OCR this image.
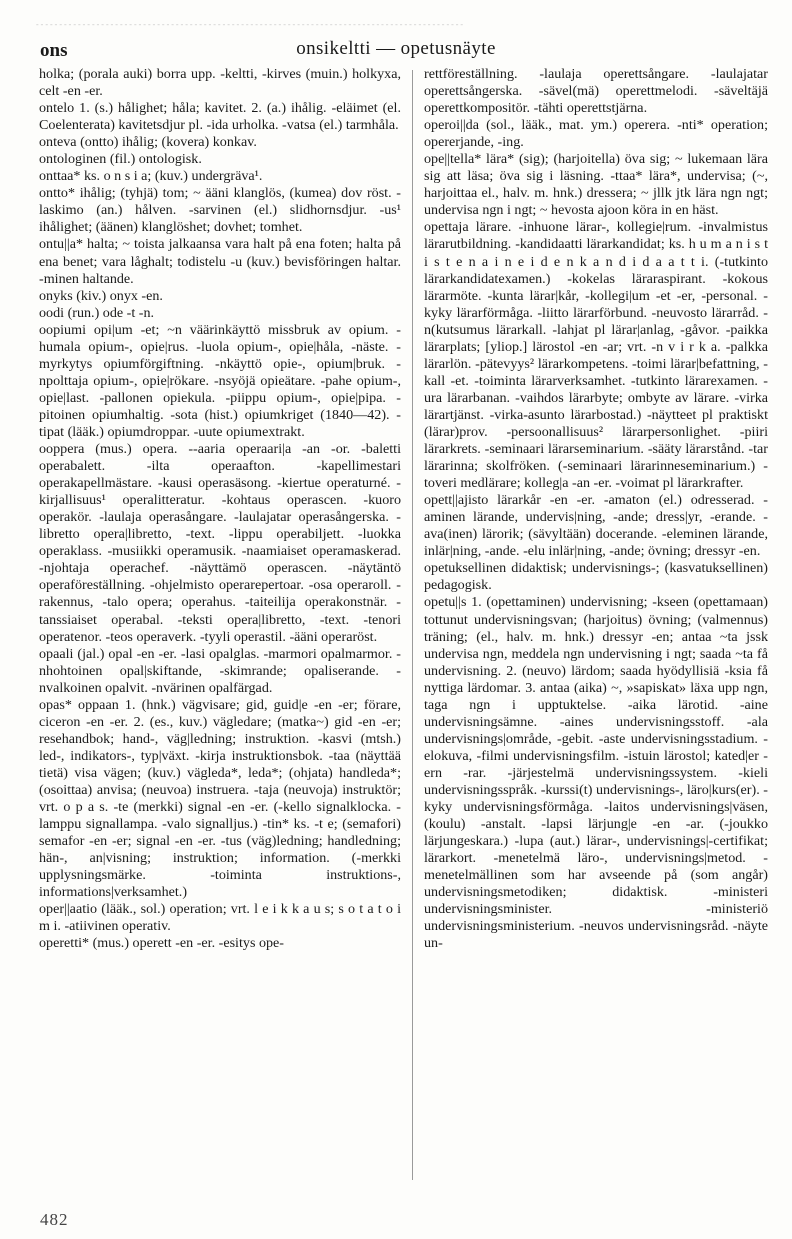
- - - - - - - - - - - - - - - - - - - - - - - - - - - - - - - - - - - - - - - - - - - - - - - - - - - - - - - - - - - - - - - - - - - - - - - - - - - - - - - - - - - - - - - - - - - -
ons	onsikeltti — opetusnäyte

holka; (porala auki) borra upp. -keltti, -kirves (muin.) holkyxa, celt -en -er.

ontelo 1. (s.) hålighet; håla; kavitet. 2. (a.) ihålig. -eläimet (el. Coelenterata) kavitetsdjur pl. -ida urholka. -vatsa (el.) tarmhåla.

onteva (ontto) ihålig; (kovera) konkav.

ontologinen (fil.) ontologisk.

onttaa* ks. o n s i a; (kuv.) undergräva¹.

ontto* ihålig; (tyhjä) tom; ~ ääni klanglös, (kumea) dov röst. -laskimo (an.) hålven. -sarvinen (el.) slidhornsdjur. -us¹ ihålighet; (äänen) klanglöshet; dovhet; tomhet.

ontu||a* halta; ~ toista jalkaansa vara halt på ena foten; halta på ena benet; vara låghalt; todistelu -u (kuv.) bevisföringen haltar. -minen haltande.

onyks (kiv.) onyx -en.

oodi (run.) ode -t -n.

oopiumi opi|um -et; ~n väärinkäyttö missbruk av opium. -humala opium-, opie|rus. -luola opium-, opie|håla, -näste. -myrkytys opiumförgiftning. -nkäyttö opie-, opium|bruk. -npolttaja opium-, opie|rökare. -nsyöjä opieätare. -pahe opium-, opie|last. -pallonen opiekula. -piippu opium-, opie|pipa. -pitoinen opiumhaltig. -sota (hist.) opiumkriget (1840—42). -tipat (lääk.) opiumdroppar. -uute opiumextrakt.

ooppera (mus.) opera. --aaria operaari|a -an -or. -baletti operabalett. -ilta operaafton. -kapellimestari operakapellmästare. -kausi operasäsong. -kiertue operaturné. -kirjallisuus¹ operalitteratur. -kohtaus operascen. -kuoro operakör. -laulaja operasångare. -laulajatar operasångerska. -libretto opera|libretto, -text. -lippu operabiljett. -luokka operaklass. -musiikki operamusik. -naamiaiset operamaskerad. -njohtaja operachef. -näyttämö operascen. -näytäntö operaföreställning. -ohjelmisto operarepertoar. -osa operaroll. -rakennus, -talo opera; operahus. -taiteilija operakonstnär. -tanssiaiset operabal. -teksti opera|libretto, -text. -tenori operatenor. -teos operaverk. -tyyli operastil. -ääni operaröst.

opaali (jal.) opal -en -er. -lasi opalglas. -marmori opalmarmor. -nhohtoinen opal|skiftande, -skimrande; opaliserande. -nvalkoinen opalvit. -nvärinen opalfärgad.

opas* oppaan 1. (hnk.) vägvisare; gid, guid|e -en -er; förare, ciceron -en -er. 2. (es., kuv.) vägledare; (matka~) gid -en -er; resehandbok; hand-, väg|ledning; instruktion. -kasvi (mtsh.) led-, indikators-, typ|växt. -kirja instruktionsbok. -taa (näyttää tietä) visa vägen; (kuv.) vägleda*, leda*; (ohjata) handleda*; (osoittaa) anvisa; (neuvoa) instruera. -taja (neuvoja) instruktör; vrt. o p a s. -te (merkki) signal -en -er. (-kello signalklocka. -lamppu signallampa. -valo signalljus.) -tin* ks. -t e; (semafori) semafor -en -er; signal -en -er. -tus (väg)ledning; handledning; hän-, an|visning; instruktion; information. (-merkki upplysningsmärke. -toiminta instruktions-, informations|verksamhet.)

oper||aatio (lääk., sol.) operation; vrt. l e i k k a u s; s o t a t o i m i. -atiivinen operativ.

operetti* (mus.) operett -en -er. -esitys ope-

rettföreställning. -laulaja operettsångare. -laulajatar operettsångerska. -sävel(mä) operettmelodi. -säveltäjä operettkompositör. -tähti operettstjärna.

operoi||da (sol., lääk., mat. ym.) operera. -nti* operation; opererjande, -ing.

ope||tella* lära* (sig); (harjoitella) öva sig; ~ lukemaan lära sig att läsa; öva sig i läsning. -ttaa* lära*, undervisa; (~, harjoittaa el., halv. m. hnk.) dressera; ~ jllk jtk lära ngn ngt; undervisa ngn i ngt; ~ hevosta ajoon köra in en häst.

opettaja lärare. -inhuone lärar-, kollegie|rum. -invalmistus lärarutbildning. -kandidaatti lärarkandidat; ks. h u m a n i s t i s t e n a i n e i d e n k a n d i d a a t t i. (-tutkinto lärarkandidatexamen.) -kokelas läraraspirant. -kokous lärarmöte. -kunta lärar|kår, -kollegi|um -et -er, -personal. -kyky lärarförmåga. -liitto lärarförbund. -neuvosto lärarråd. -n(kutsumus lärarkall. -lahjat pl lärar|anlag, -gåvor. -paikka lärarplats; [yliop.] lärostol -en -ar; vrt. -n v i r k a. -palkka lärarlön. -pätevyys² lärarkompetens. -toimi lärar|befattning, -kall -et. -toiminta lärarverksamhet. -tutkinto lärarexamen. -ura lärarbanan. -vaihdos lärarbyte; ombyte av lärare. -virka lärartjänst. -virka-asunto lärarbostad.) -näytteet pl praktiskt (lärar)prov. -persoonallisuus² lärarpersonlighet. -piiri lärarkrets. -seminaari lärarseminarium. -sääty lärarstånd. -tar lärarinna; skolfröken. (-seminaari lärarinneseminarium.) -toveri medlärare; kolleg|a -an -er. -voimat pl lärarkrafter.

opett||ajisto lärarkår -en -er. -amaton (el.) odresserad. -aminen lärande, undervis|ning, -ande; dress|yr, -erande. -ava(inen) lärorik; (sävyltään) docerande. -eleminen lärande, inlär|ning, -ande. -elu inlär|ning, -ande; övning; dressyr -en.

opetuksellinen didaktisk; undervisnings-; (kasvatuksellinen) pedagogisk.

opetu||s 1. (opettaminen) undervisning; -kseen (opettamaan) tottunut undervisningsvan; (harjoitus) övning; (valmennus) träning; (el., halv. m. hnk.) dressyr -en; antaa ~ta jssk undervisa ngn, meddela ngn undervisning i ngt; saada ~ta få undervisning. 2. (neuvo) lärdom; saada hyödyllisiä -ksia få nyttiga lärdomar. 3. antaa (aika) ~, »sapiskat» läxa upp ngn, taga ngn i upptuktelse. -aika lärotid. -aine undervisningsämne. -aines undervisningsstoff. -ala undervisnings|område, -gebit. -aste undervisningsstadium. -elokuva, -filmi undervisningsfilm. -istuin lärostol; kated|er -ern -rar. -järjestelmä undervisningssystem. -kieli undervisningsspråk. -kurssi(t) undervisnings-, läro|kurs(er). -kyky undervisningsförmåga. -laitos undervisnings|väsen, (koulu) -anstalt. -lapsi lärjung|e -en -ar. (-joukko lärjungeskara.) -lupa (aut.) lärar-, undervisnings|-certifikat; lärarkort. -menetelmä läro-, undervisnings|metod. -menetelmällinen som har avseende på (som angår) undervisningsmetodiken; didaktisk. -ministeri undervisningsminister. -ministeriö undervisningsministerium. -neuvos undervisningsråd. -näyte un-

482
